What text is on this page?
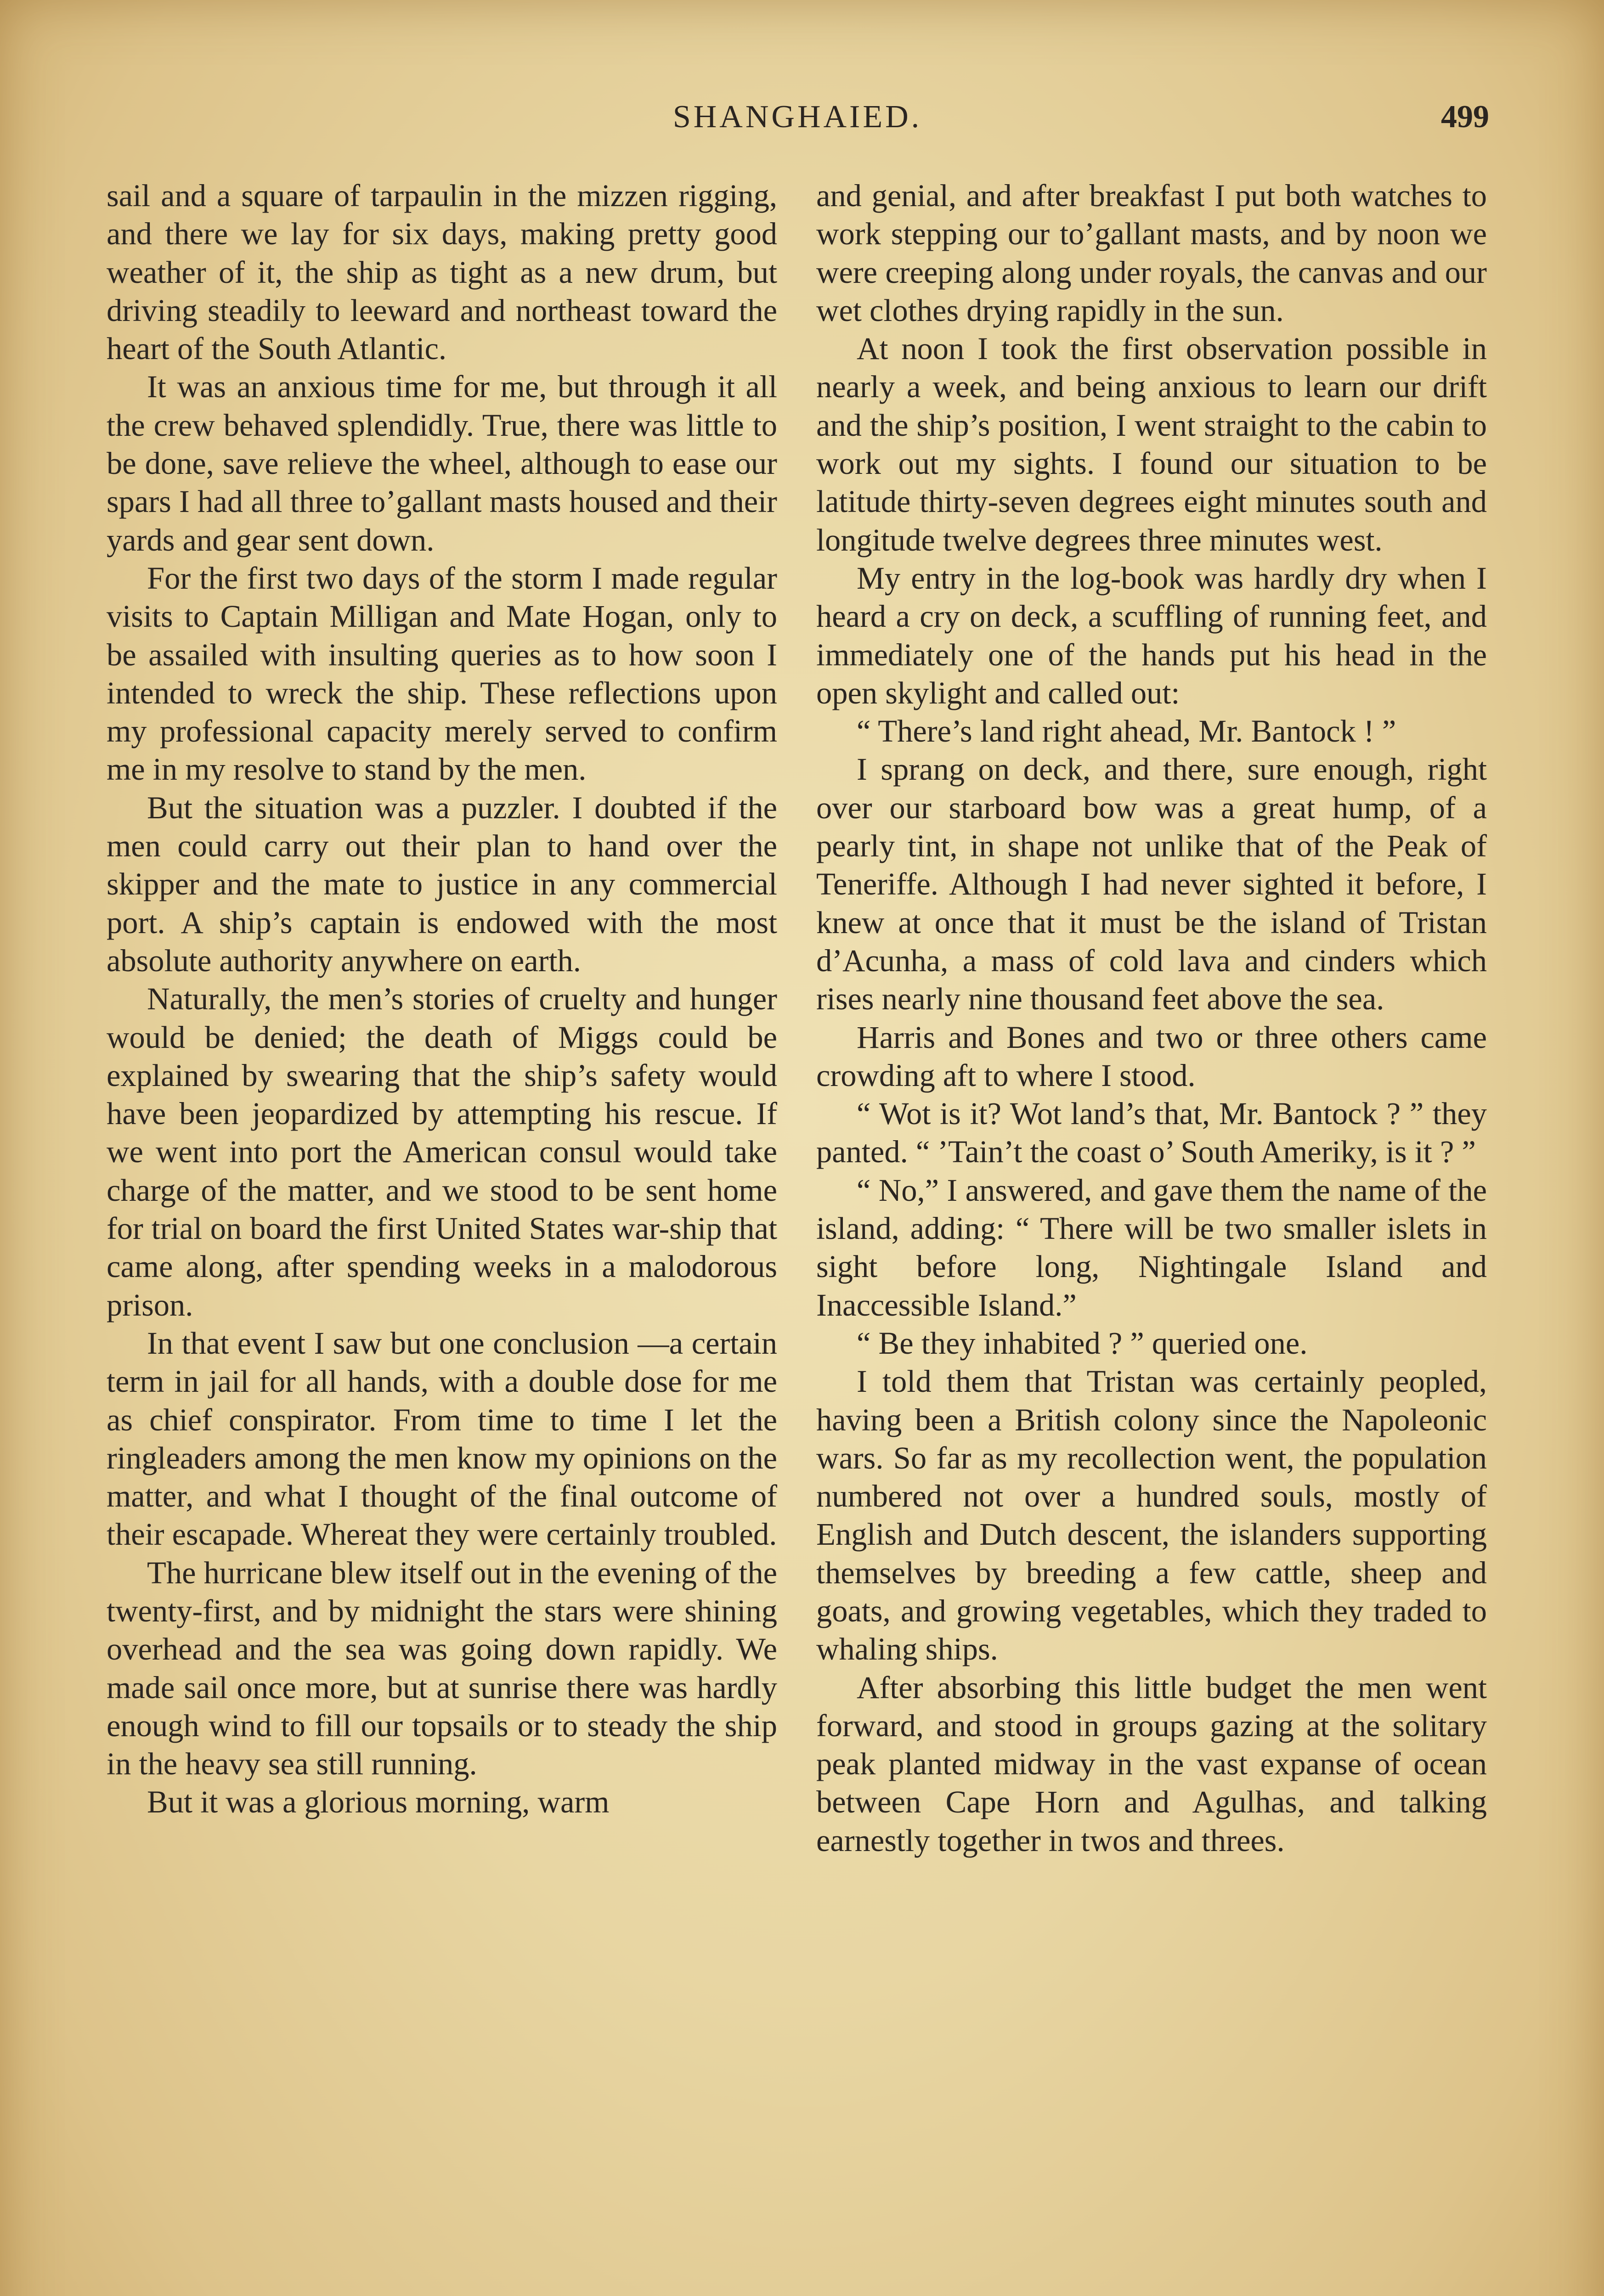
SHANGHAIED.	499

sail and a square of tarpaulin in the mizzen rigging, and there we lay for six days, making pretty good weather of it, the ship as tight as a new drum, but driving steadily to leeward and northeast toward the heart of the South Atlantic.

It was an anxious time for me, but through it all the crew behaved splendidly. True, there was little to be done, save relieve the wheel, although to ease our spars I had all three to’gallant masts housed and their yards and gear sent down.

For the first two days of the storm I made regular visits to Captain Milligan and Mate Hogan, only to be assailed with insulting queries as to how soon I intended to wreck the ship. These reflections upon my professional capacity merely served to confirm me in my resolve to stand by the men.

But the situation was a puzzler. I doubted if the men could carry out their plan to hand over the skipper and the mate to justice in any commercial port. A ship’s captain is endowed with the most absolute authority anywhere on earth.

Naturally, the men’s stories of cruelty and hunger would be denied; the death of Miggs could be explained by swearing that the ship’s safety would have been jeopardized by attempting his rescue. If we went into port the American consul would take charge of the matter, and we stood to be sent home for trial on board the first United States war-ship that came along, after spending weeks in a malodorous prison.

In that event I saw but one conclusion —a certain term in jail for all hands, with a double dose for me as chief conspirator. From time to time I let the ringleaders among the men know my opinions on the matter, and what I thought of the final outcome of their escapade. Whereat they were certainly troubled.

The hurricane blew itself out in the evening of the twenty-first, and by midnight the stars were shining overhead and the sea was going down rapidly. We made sail once more, but at sunrise there was hardly enough wind to fill our topsails or to steady the ship in the heavy sea still running.

But it was a glorious morning, warm

and genial, and after breakfast I put both watches to work stepping our to’gallant masts, and by noon we were creeping along under royals, the canvas and our wet clothes drying rapidly in the sun.

At noon I took the first observation possible in nearly a week, and being anxious to learn our drift and the ship’s position, I went straight to the cabin to work out my sights. I found our situation to be latitude thirty-seven degrees eight minutes south and longitude twelve degrees three minutes west.

My entry in the log-book was hardly dry when I heard a cry on deck, a scuffling of running feet, and immediately one of the hands put his head in the open skylight and called out:

“ There’s land right ahead, Mr. Bantock ! ”

I sprang on deck, and there, sure enough, right over our starboard bow was a great hump, of a pearly tint, in shape not unlike that of the Peak of Teneriffe. Although I had never sighted it before, I knew at once that it must be the island of Tristan d’Acunha, a mass of cold lava and cinders which rises nearly nine thousand feet above the sea.

Harris and Bones and two or three others came crowding aft to where I stood.

“ Wot is it? Wot land’s that, Mr. Bantock ? ” they panted. “ ’Tain’t the coast o’ South Ameriky, is it ? ”

“ No,” I answered, and gave them the name of the island, adding: “ There will be two smaller islets in sight before long, Nightingale Island and Inaccessible Island.”

“ Be they inhabited ? ” queried one.

I told them that Tristan was certainly peopled, having been a British colony since the Napoleonic wars. So far as my recollection went, the population numbered not over a hundred souls, mostly of English and Dutch descent, the islanders supporting themselves by breeding a few cattle, sheep and goats, and growing vegetables, which they traded to whaling ships.

After absorbing this little budget the men went forward, and stood in groups gazing at the solitary peak planted midway in the vast expanse of ocean between Cape Horn and Agulhas, and talking earnestly together in twos and threes.
